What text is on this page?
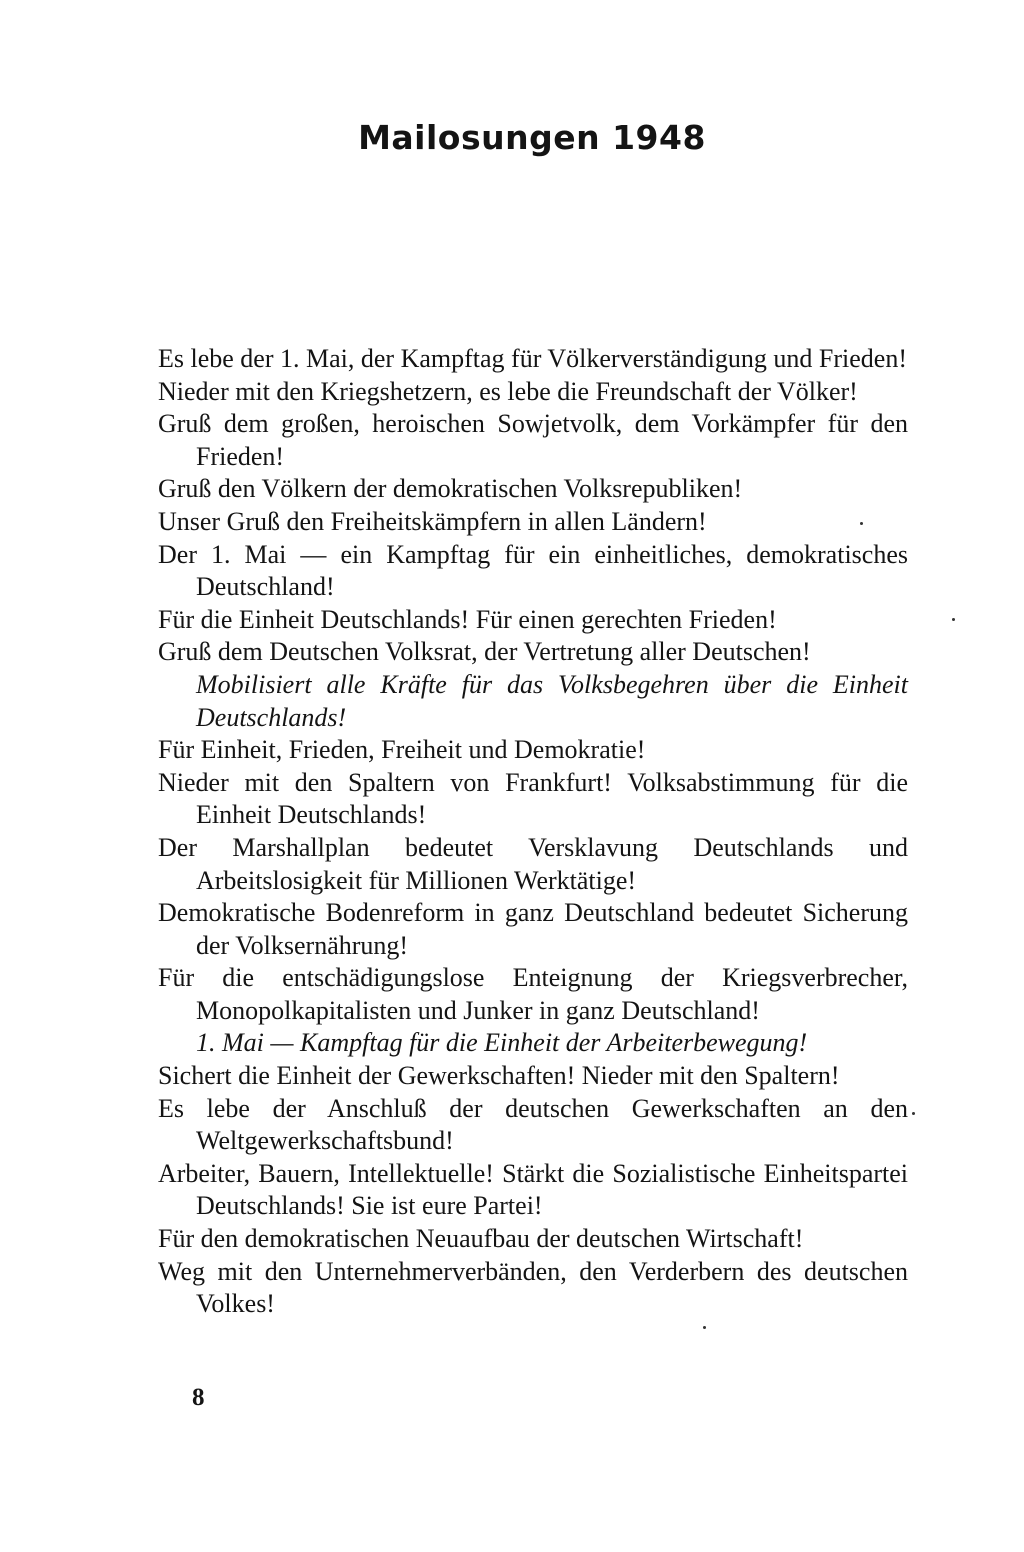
Mailosungen 1948

Es lebe der 1. Mai, der Kampftag für Völkerverständigung und Frieden!

Nieder mit den Kriegshetzern, es lebe die Freundschaft der Völker!

Gruß dem großen, heroischen Sowjetvolk, dem Vorkämpfer für den Frieden!

Gruß den Völkern der demokratischen Volksrepubliken!

Unser Gruß den Freiheitskämpfern in allen Ländern!

Der 1. Mai — ein Kampftag für ein einheitliches, demokratisches Deutschland!

Für die Einheit Deutschlands! Für einen gerechten Frieden!

Gruß dem Deutschen Volksrat, der Vertretung aller Deutschen!

Mobilisiert alle Kräfte für das Volksbegehren über die Einheit Deutschlands!

Für Einheit, Frieden, Freiheit und Demokratie!

Nieder mit den Spaltern von Frankfurt! Volksabstimmung für die Einheit Deutschlands!

Der Marshallplan bedeutet Versklavung Deutschlands und Arbeitslosigkeit für Millionen Werktätige!

Demokratische Bodenreform in ganz Deutschland bedeutet Sicherung der Volksernährung!

Für die entschädigungslose Enteignung der Kriegsverbrecher, Monopolkapitalisten und Junker in ganz Deutschland!

1. Mai — Kampftag für die Einheit der Arbeiterbewegung!

Sichert die Einheit der Gewerkschaften! Nieder mit den Spaltern!

Es lebe der Anschluß der deutschen Gewerkschaften an den Weltgewerkschaftsbund!

Arbeiter, Bauern, Intellektuelle! Stärkt die Sozialistische Einheitspartei Deutschlands! Sie ist eure Partei!

Für den demokratischen Neuaufbau der deutschen Wirtschaft!

Weg mit den Unternehmerverbänden, den Verderbern des deutschen Volkes!

8
